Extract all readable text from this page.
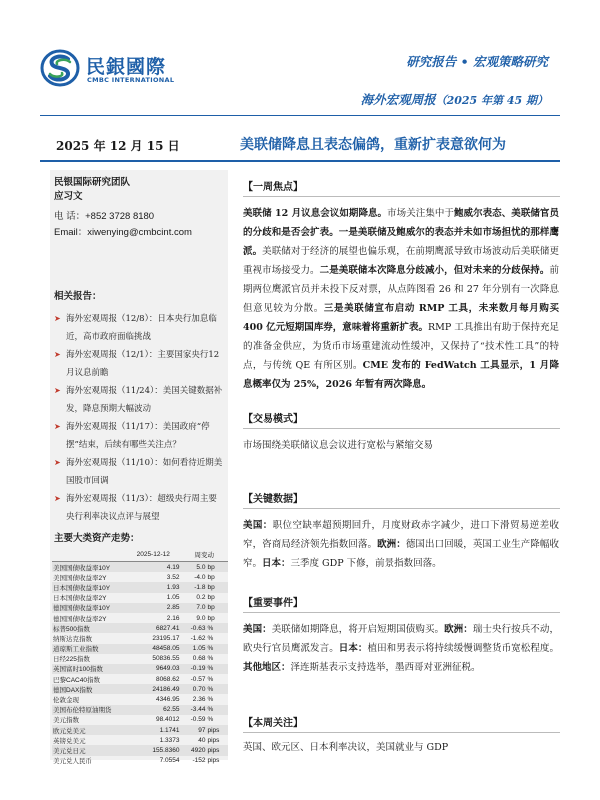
民銀國際
CMBC INTERNATIONAL
研究报告 • 宏观策略研究
海外宏观周报（2025 年第 45 期）
2025 年 12 月 15 日	美联储降息且表态偏鸽，重新扩表意欲何为
民银国际研究团队
应习文
电 话：+852 3728 8180
Email：xiwenying@cmbcint.com
相关报告：
➤ 海外宏观周报（12/8）：日本央行加息临近，高市政府面临挑战
➤ 海外宏观周报（12/1）：主要国家央行12月议息前瞻
➤ 海外宏观周报（11/24）：美国关键数据补发，降息预期大幅波动
➤ 海外宏观周报（11/17）：美国政府“停摆”结束，后续有哪些关注点？
➤ 海外宏观周报（11/10）：如何看待近期美国股市回调
➤ 海外宏观周报（11/3）：超级央行周主要央行利率决议点评与展望
主要大类资产走势：
	2025-12-12	周变动	
美国国债收益率10Y	4.19	5.0	bp
美国国债收益率2Y	3.52	-4.0	bp
日本国债收益率10Y	1.93	-1.8	bp
日本国债收益率2Y	1.05	0.2	bp
德国国债收益率10Y	2.85	7.0	bp
德国国债收益率2Y	2.16	9.0	bp
标普500指数	6827.41	-0.63	%
纳斯达克指数	23195.17	-1.62	%
道琼斯工业指数	48458.05	1.05	%
日经225指数	50836.55	0.68	%
英国富时100指数	9649.03	-0.19	%
巴黎CAC40指数	8068.62	-0.57	%
德国DAX指数	24186.49	0.70	%
伦敦金现	4346.95	2.36	%
美国布伦特原油期货	62.55	-3.44	%
美元指数	98.4012	-0.59	%
欧元兑美元	1.1741	97	pips
英镑兑美元	1.3373	40	pips
美元兑日元	155.8360	4920	pips
美元兑人民币	7.0554	-152	pips
【一周焦点】
美联储 12 月议息会议如期降息。市场关注集中于鲍威尔表态、美联储官员的分歧和是否会扩表。一是美联储及鲍威尔的表态并未如市场担忧的那样鹰派。美联储对于经济的展望也偏乐观，在前期鹰派导致市场波动后美联储更重视市场接受力。二是美联储本次降息分歧减小，但对未来的分歧保持。前期两位鹰派官员并未投下反对票，从点阵图看 26 和 27 年分别有一次降息但意见较为分散。三是美联储宣布启动 RMP 工具，未来数月每月购买 400 亿元短期国库券，意味着将重新扩表。RMP 工具推出有助于保持充足的准备金供应，为货币市场重建流动性缓冲，又保持了“技术性工具”的特点，与传统 QE 有所区别。CME 发布的 FedWatch 工具显示，1 月降息概率仅为 25%，2026 年暂有两次降息。
【交易模式】
市场围绕美联储议息会议进行宽松与紧缩交易
【关键数据】
美国：职位空缺率超预期回升，月度财政赤字减少，进口下滑贸易逆差收窄，咨商局经济领先指数回落。欧洲：德国出口回暖，英国工业生产降幅收窄。日本：三季度 GDP 下修，前景指数回落。
【重要事件】
美国：美联储如期降息，将开启短期国债购买。欧洲：瑞士央行按兵不动，欧央行官员鹰派发言。日本：植田和男表示将持续缓慢调整货币宽松程度。其他地区：泽连斯基表示支持选举，墨西哥对亚洲征税。
【本周关注】
英国、欧元区、日本利率决议，美国就业与 GDP
